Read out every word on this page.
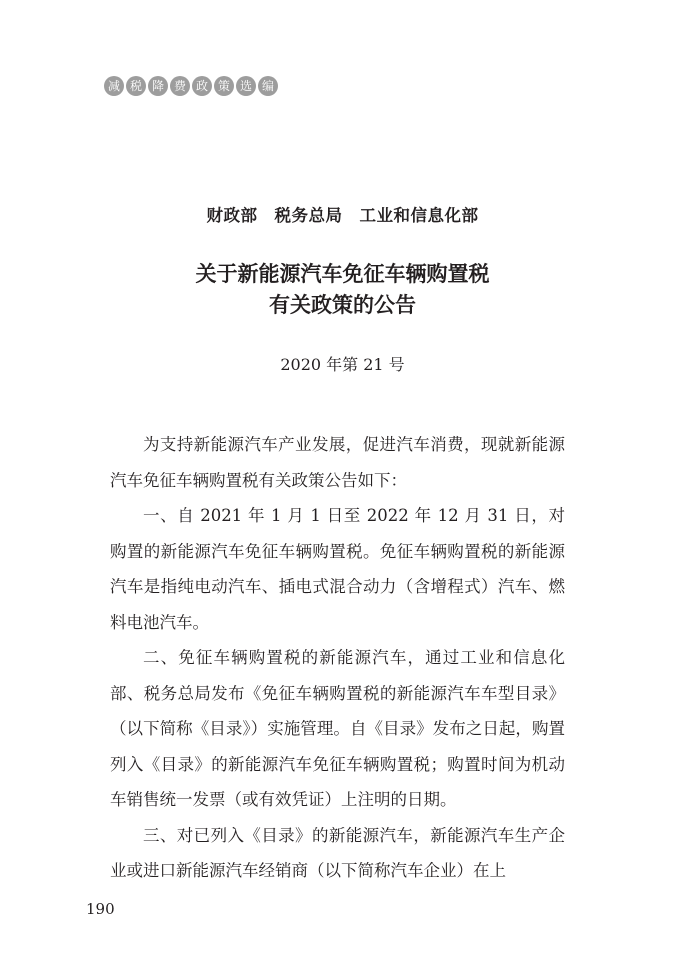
减 税 降 费 政 策 选 编
财政部　税务总局　工业和信息化部
关于新能源汽车免征车辆购置税
有关政策的公告
2020 年第 21 号

为支持新能源汽车产业发展，促进汽车消费，现就新能源汽车免征车辆购置税有关政策公告如下：

一、自 2021 年 1 月 1 日至 2022 年 12 月 31 日，对购置的新能源汽车免征车辆购置税。免征车辆购置税的新能源汽车是指纯电动汽车、插电式混合动力（含增程式）汽车、燃料电池汽车。

二、免征车辆购置税的新能源汽车，通过工业和信息化部、税务总局发布《免征车辆购置税的新能源汽车车型目录》（以下简称《目录》）实施管理。自《目录》发布之日起，购置列入《目录》的新能源汽车免征车辆购置税；购置时间为机动车销售统一发票（或有效凭证）上注明的日期。

三、对已列入《目录》的新能源汽车，新能源汽车生产企业或进口新能源汽车经销商（以下简称汽车企业）在上

190
